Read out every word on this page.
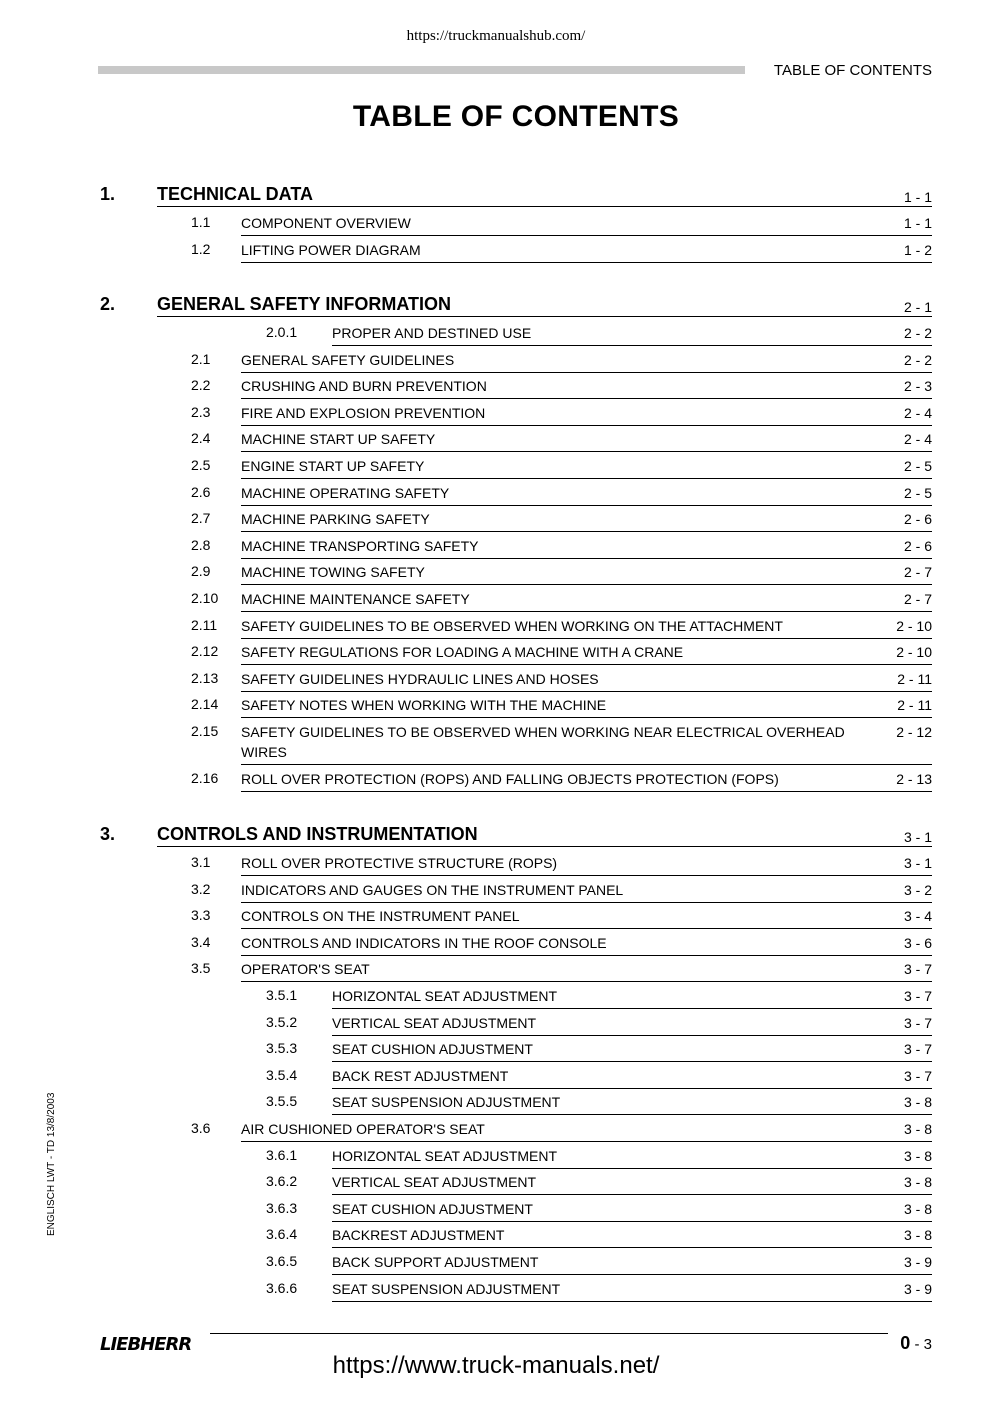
https://truckmanualshub.com/
TABLE OF CONTENTS
TABLE OF CONTENTS
1. TECHNICAL DATA	1 - 1
1.1 COMPONENT OVERVIEW	1 - 1
1.2 LIFTING POWER DIAGRAM	1 - 2
2. GENERAL SAFETY INFORMATION	2 - 1
2.0.1 PROPER AND DESTINED USE	2 - 2
2.1 GENERAL SAFETY GUIDELINES	2 - 2
2.2 CRUSHING AND BURN PREVENTION	2 - 3
2.3 FIRE AND EXPLOSION PREVENTION	2 - 4
2.4 MACHINE START UP SAFETY	2 - 4
2.5 ENGINE START UP SAFETY	2 - 5
2.6 MACHINE OPERATING SAFETY	2 - 5
2.7 MACHINE PARKING SAFETY	2 - 6
2.8 MACHINE TRANSPORTING SAFETY	2 - 6
2.9 MACHINE TOWING SAFETY	2 - 7
2.10 MACHINE MAINTENANCE SAFETY	2 - 7
2.11 SAFETY GUIDELINES TO BE OBSERVED WHEN WORKING ON THE ATTACHMENT	2 - 10
2.12 SAFETY REGULATIONS FOR LOADING A MACHINE WITH A CRANE	2 - 10
2.13 SAFETY GUIDELINES HYDRAULIC LINES AND HOSES	2 - 11
2.14 SAFETY NOTES WHEN WORKING WITH THE MACHINE	2 - 11
2.15 SAFETY GUIDELINES TO BE OBSERVED WHEN WORKING NEAR ELECTRICAL OVERHEAD WIRES
2 - 12
2.16 ROLL OVER PROTECTION (ROPS) AND FALLING OBJECTS PROTECTION (FOPS)	2 - 13
3. CONTROLS AND INSTRUMENTATION	3 - 1
3.1 ROLL OVER PROTECTIVE STRUCTURE (ROPS)	3 - 1
3.2 INDICATORS AND GAUGES ON THE INSTRUMENT PANEL	3 - 2
3.3 CONTROLS ON THE INSTRUMENT PANEL	3 - 4
3.4 CONTROLS AND INDICATORS IN THE ROOF CONSOLE	3 - 6
3.5 OPERATOR'S SEAT	3 - 7
3.5.1 HORIZONTAL SEAT ADJUSTMENT	3 - 7
3.5.2 VERTICAL SEAT ADJUSTMENT	3 - 7
3.5.3 SEAT CUSHION ADJUSTMENT	3 - 7
3.5.4 BACK REST ADJUSTMENT	3 - 7
3.5.5 SEAT SUSPENSION ADJUSTMENT	3 - 8
3.6 AIR CUSHIONED OPERATOR'S SEAT	3 - 8
3.6.1 HORIZONTAL SEAT ADJUSTMENT	3 - 8
3.6.2 VERTICAL SEAT ADJUSTMENT	3 - 8
3.6.3 SEAT CUSHION ADJUSTMENT	3 - 8
3.6.4 BACKREST ADJUSTMENT	3 - 8
3.6.5 BACK SUPPORT ADJUSTMENT	3 - 9
3.6.6 SEAT SUSPENSION ADJUSTMENT	3 - 9
ENGLISCH LWT - TD 13/8/2003
LIEBHERR	0 - 3
https://www.truck-manuals.net/
